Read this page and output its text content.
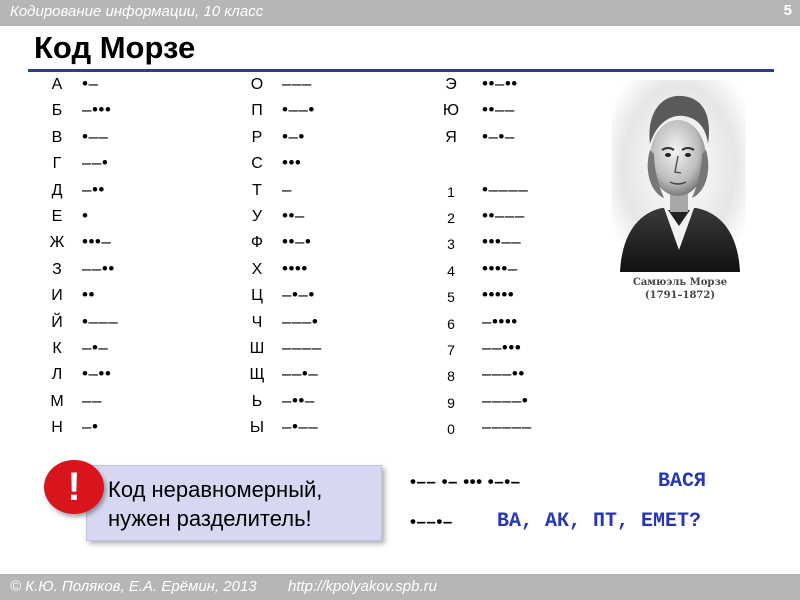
Кодирование информации, 10 класс	5
Код Морзе
А	•–
Б	–•••
В	•––
Г	––•
Д	–••
Е	•
Ж	•••–
З	––••
И	••
Й	•–––
К	–•–
Л	•–••
М	––
Н	–•
О	–––
П	•––•
Р	•–•
С	•••
Т	–
У	••–
Ф	••–•
Х	••••
Ц	–•–•
Ч	–––•
Ш	––––
Щ	––•–
Ь	–••–
Ы	–•––
Э	••–••
Ю ••––
Я	•–•–
1	•––––
2	••–––
3	•••––
4	••••–
5	•••••
6	–••••
7	––•••
8	–––••
9	––––•
0	–––––
Самюэль Морзе
(1791–1872)
!	Код неравномерный,
нужен разделитель!
•–– •– ••• •–•–	ВАСЯ
•––•– ВА, АК, ПТ, ЕМЕТ?
© К.Ю. Поляков, Е.А. Ерёмин, 2013 http://kpolyakov.spb.ru
